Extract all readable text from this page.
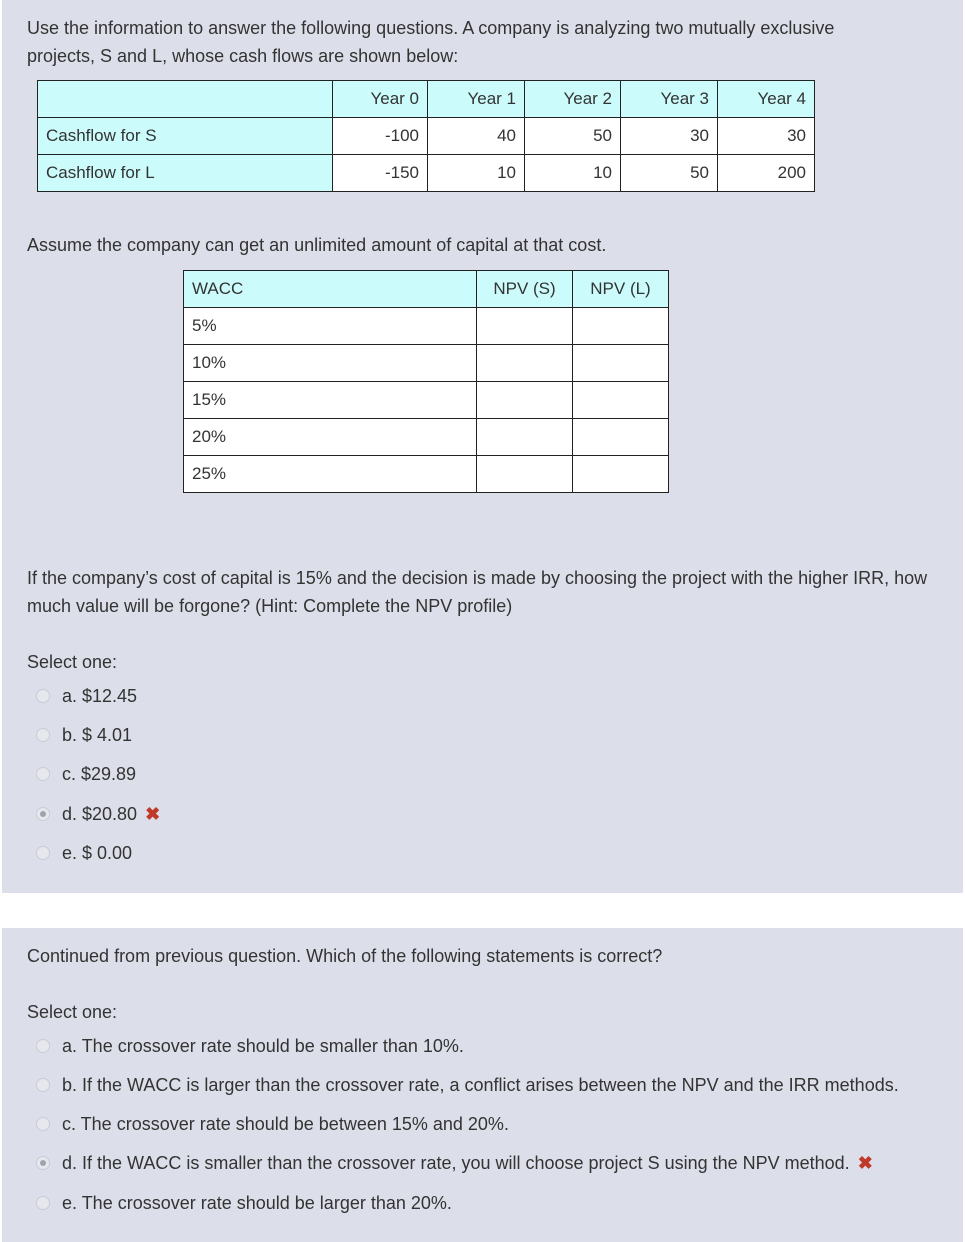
Use the information to answer the following questions. A company is analyzing two mutually exclusive projects, S and L, whose cash flows are shown below:
	Year 0	Year 1	Year 2	Year 3	Year 4
Cashflow for S	-100	40	50	30	30
Cashflow for L	-150	10	10	50	200
Assume the company can get an unlimited amount of capital at that cost.
WACC	NPV (S)	NPV (L)
5%		
10%		
15%		
20%		
25%		
If the company’s cost of capital is 15% and the decision is made by choosing the project with the higher IRR, how much value will be forgone? (Hint: Complete the NPV profile)
Select one:
a. $12.45
b. $ 4.01
c. $29.89
d. $20.80 ✖
e. $ 0.00
Continued from previous question. Which of the following statements is correct?
Select one:
a. The crossover rate should be smaller than 10%.
b. If the WACC is larger than the crossover rate, a conflict arises between the NPV and the IRR methods.
c. The crossover rate should be between 15% and 20%.
d. If the WACC is smaller than the crossover rate, you will choose project S using the NPV method. ✖
e. The crossover rate should be larger than 20%.
